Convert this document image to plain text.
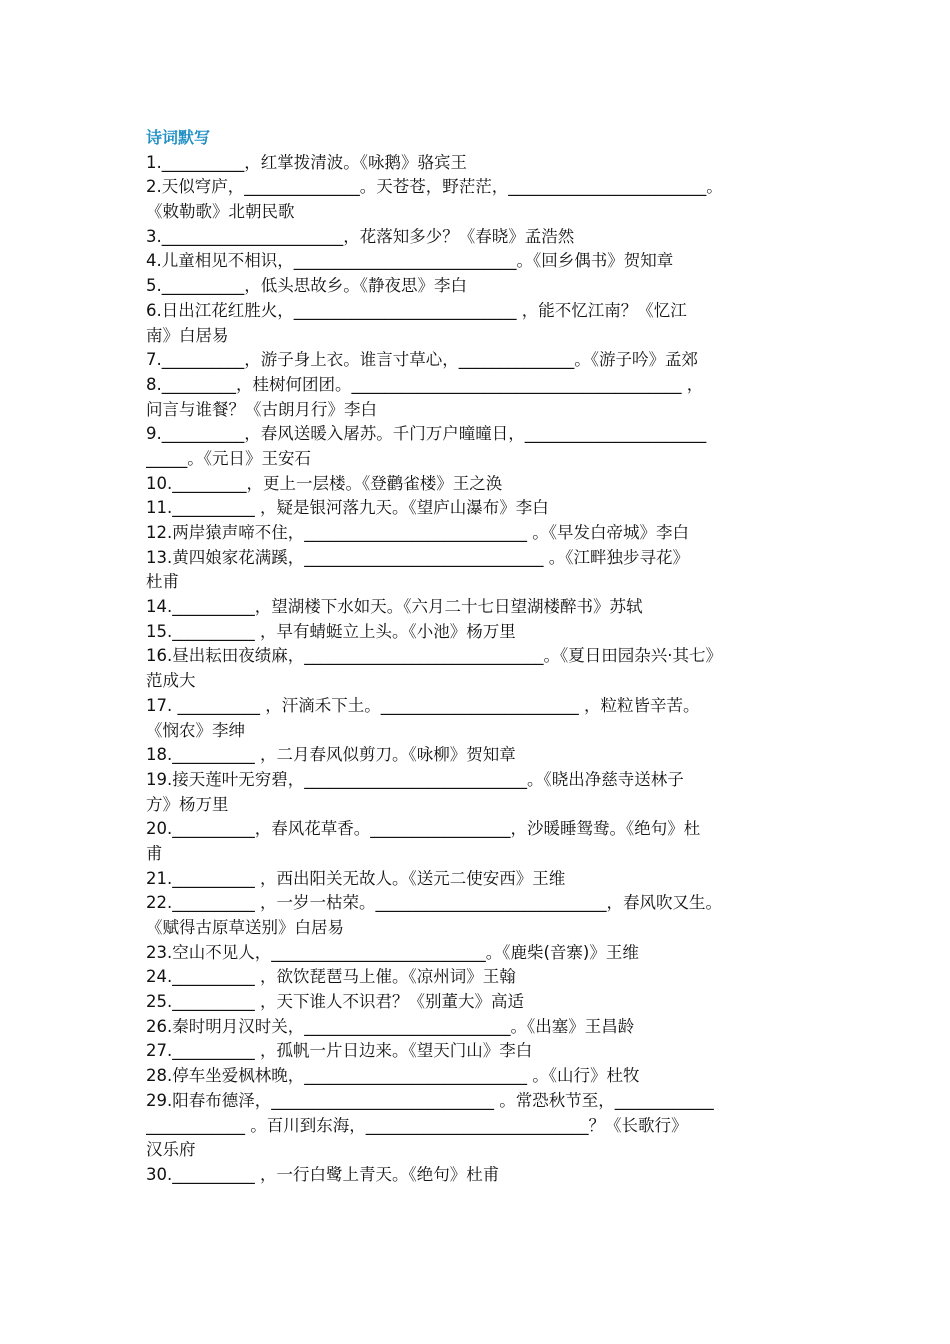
诗词默写
1.__________，红掌拨清波。《咏鹅》骆宾王
2.天似穹庐，______________。天苍苍，野茫茫，________________________。
《敕勒歌》北朝民歌
3.______________________，花落知多少？《春晓》孟浩然
4.儿童相见不相识，___________________________。《回乡偶书》贺知章
5.__________，低头思故乡。《静夜思》李白
6.日出江花红胜火，___________________________ ，能不忆江南？《忆江
南》白居易
7.__________，游子身上衣。谁言寸草心，______________。《游子吟》孟郊
8._________，桂树何团团。________________________________________ ，
问言与谁餐？《古朗月行》李白
9.__________，春风送暖入屠苏。千门万户曈曈日，______________________
_____。《元日》王安石
10._________，更上一层楼。《登鹳雀楼》王之涣
11.__________ ，疑是银河落九天。《望庐山瀑布》李白
12.两岸猿声啼不住，___________________________ 。《早发白帝城》李白
13.黄四娘家花满蹊，_____________________________ 。《江畔独步寻花》
杜甫
14.__________，望湖楼下水如天。《六月二十七日望湖楼醉书》苏轼
15.__________ ，早有蜻蜓立上头。《小池》杨万里
16.昼出耘田夜绩麻，_____________________________。《夏日田园杂兴·其七》
范成大
17. __________ ，汗滴禾下土。________________________ ，粒粒皆辛苦。
《悯农》李绅
18.__________ ，二月春风似剪刀。《咏柳》贺知章
19.接天莲叶无穷碧，___________________________。《晓出净慈寺送林子
方》杨万里
20.__________，春风花草香。_________________，沙暖睡鸳鸯。《绝句》杜
甫
21.__________ ，西出阳关无故人。《送元二使安西》王维
22.__________ ，一岁一枯荣。____________________________，春风吹又生。
《赋得古原草送别》白居易
23.空山不见人，__________________________。《鹿柴(音寨)》王维
24.__________ ，欲饮琵琶马上催。《凉州词》王翰
25.__________ ，天下谁人不识君？《别董大》高适
26.秦时明月汉时关，_________________________。《出塞》王昌龄
27.__________ ，孤帆一片日边来。《望天门山》李白
28.停车坐爱枫林晚，___________________________ 。《山行》杜牧
29.阳春布德泽，___________________________ 。常恐秋节至，____________
____________ 。百川到东海，___________________________？《长歌行》
汉乐府
30.__________ ，一行白鹭上青天。《绝句》杜甫
